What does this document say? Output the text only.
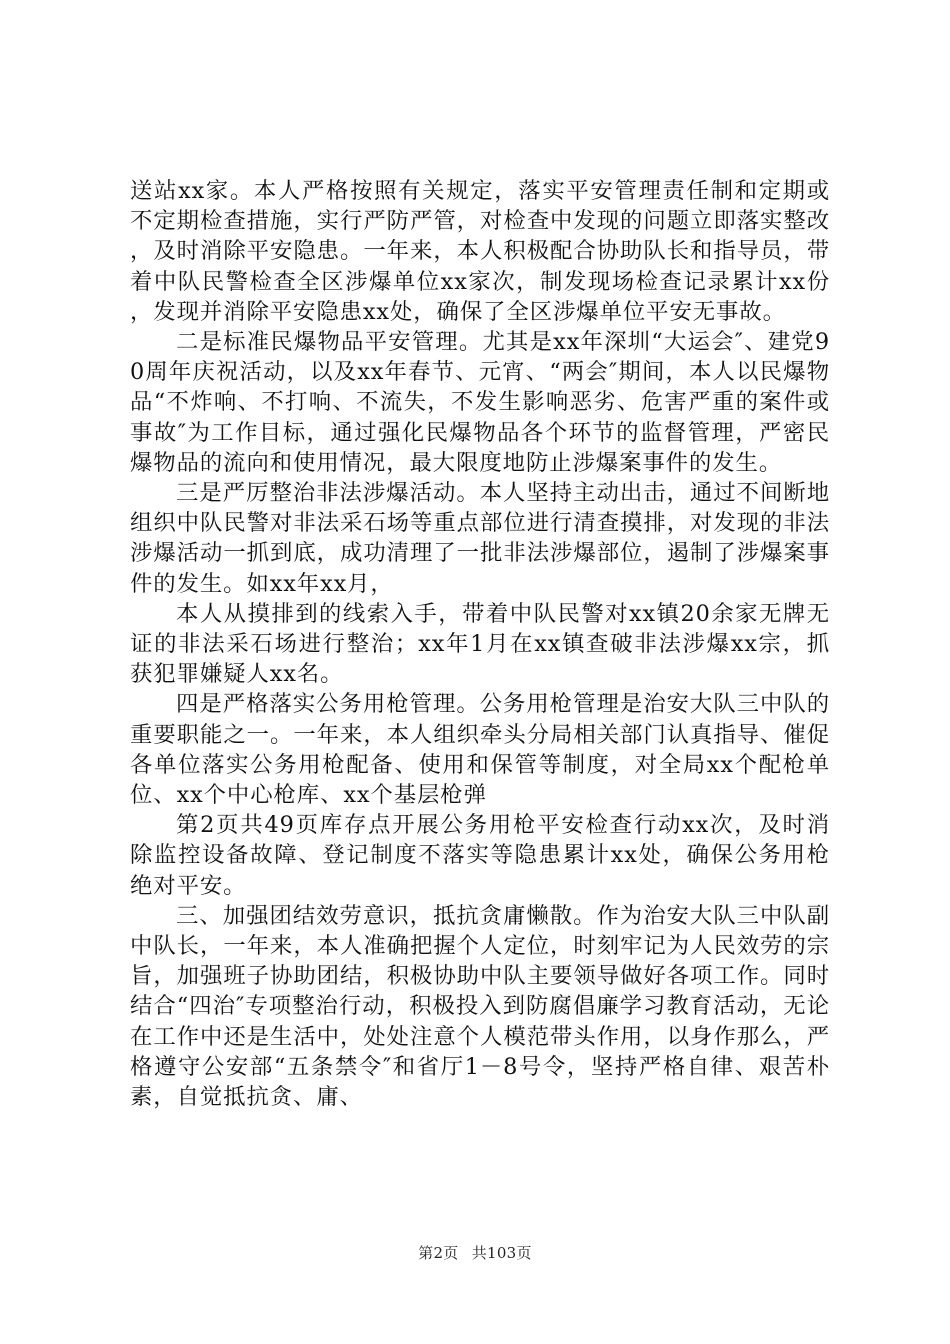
送站xx家。本人严格按照有关规定，落实平安管理责任制和定期或不定期检查措施，实行严防严管，对检查中发现的问题立即落实整改，及时消除平安隐患。一年来，本人积极配合协助队长和指导员，带着中队民警检查全区涉爆单位xx家次，制发现场检查记录累计xx份，发现并消除平安隐患xx处，确保了全区涉爆单位平安无事故。

二是标准民爆物品平安管理。尤其是xx年深圳“大运会″、建党90周年庆祝活动，以及xx年春节、元宵、“两会″期间，本人以民爆物品“不炸响、不打响、不流失，不发生影响恶劣、危害严重的案件或事故″为工作目标，通过强化民爆物品各个环节的监督管理，严密民爆物品的流向和使用情况，最大限度地防止涉爆案事件的发生。

三是严厉整治非法涉爆活动。本人坚持主动出击，通过不间断地组织中队民警对非法采石场等重点部位进行清查摸排，对发现的非法涉爆活动一抓到底，成功清理了一批非法涉爆部位，遏制了涉爆案事件的发生。如xx年xx月，

本人从摸排到的线索入手，带着中队民警对xx镇20余家无牌无证的非法采石场进行整治；xx年1月在xx镇查破非法涉爆xx宗，抓获犯罪嫌疑人xx名。

四是严格落实公务用枪管理。公务用枪管理是治安大队三中队的重要职能之一。一年来，本人组织牵头分局相关部门认真指导、催促各单位落实公务用枪配备、使用和保管等制度，对全局xx个配枪单位、xx个中心枪库、xx个基层枪弹

第2页共49页库存点开展公务用枪平安检查行动xx次，及时消除监控设备故障、登记制度不落实等隐患累计xx处，确保公务用枪绝对平安。

三、加强团结效劳意识，抵抗贪庸懒散。作为治安大队三中队副中队长，一年来，本人准确把握个人定位，时刻牢记为人民效劳的宗旨，加强班子协助团结，积极协助中队主要领导做好各项工作。同时结合“四治″专项整治行动，积极投入到防腐倡廉学习教育活动，无论在工作中还是生活中，处处注意个人模范带头作用，以身作那么，严格遵守公安部“五条禁令″和省厅1－8号令，坚持严格自律、艰苦朴素，自觉抵抗贪、庸、

第2页 共103页
